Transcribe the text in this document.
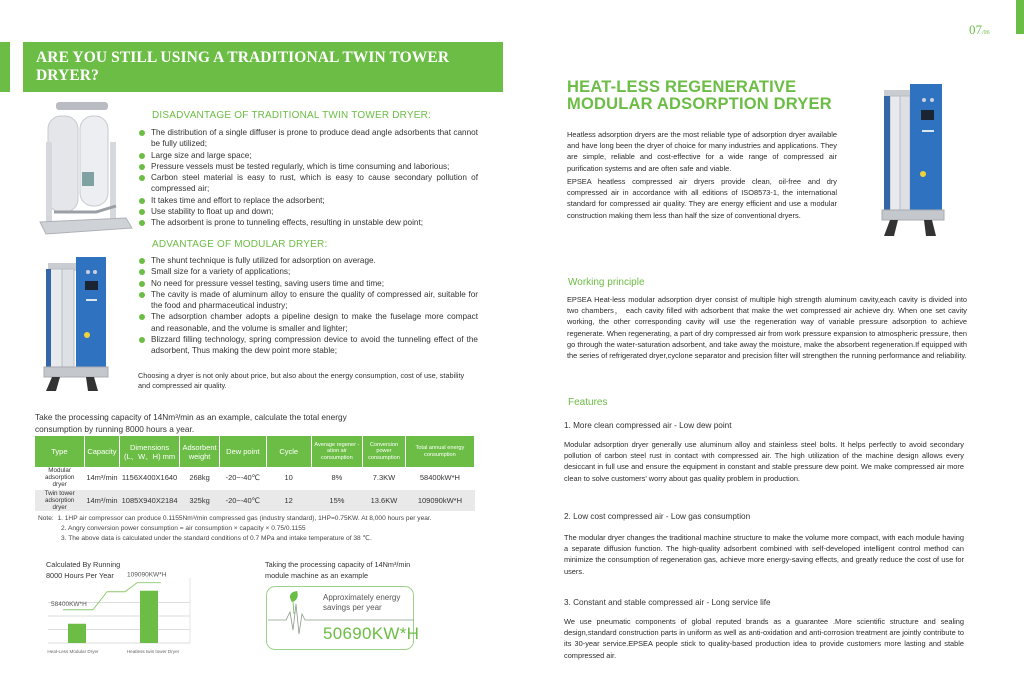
ARE YOU STILL USING A TRADITIONAL TWIN TOWER DRYER?
DISADVANTAGE OF TRADITIONAL TWIN TOWER DRYER:
The distribution of a single diffuser is prone to produce dead angle adsorbents that cannot be fully utilized;
Large size and large space;
Pressure vessels must be tested regularly, which is time consuming and laborious;
Carbon steel material is easy to rust, which is easy to cause secondary pollution of compressed air;
It takes time and effort to replace the adsorbent;
Use stability to float up and down;
The adsorbent is prone to tunneling effects, resulting in unstable dew point;
ADVANTAGE OF MODULAR DRYER:
The shunt technique is fully utilized for adsorption on average.
Small size for a variety of applications;
No need for pressure vessel testing, saving users time and time;
The cavity is made of aluminum alloy to ensure the quality of compressed air, suitable for the food and pharmaceutical industry;
The adsorption chamber adopts a pipeline design to make the fuselage more compact and reasonable, and the volume is smaller and lighter;
Blizzard filling technology, spring compression device to avoid the tunneling effect of the adsorbent, Thus making the dew point more stable;
Choosing a dryer is not only about price, but also about the energy consumption, cost of use, stability and compressed air quality.
Take the processing capacity of 14Nm³/min as an example, calculate the total energy consumption by running 8000 hours a year.
Type	Capacity	Dimensions (L、W、H) mm	Adsorbent weight	Dew point	Cycle	Average regener -ation air consumption	Conversion power consumption	Total annual energy consumption
Modular adsorption dryer	14m³/min	1156X400X1640	268kg	-20~-40℃	10	8%	7.3KW	58400kW*H
Twin tower adsorption dryer	14m³/min	1085X940X2184	325kg	-20~-40℃	12	15%	13.6KW	109090kW*H
Note: 1. 1HP air compressor can produce 0.1155Nm³/min compressed gas (industry standard), 1HP=0.75KW. At 8,000 hours per year.
2. Angry conversion power consumption = air consumption × capacity × 0.75/0.1155
3. The above data is calculated under the standard conditions of 0.7 MPa and intake temperature of 38 ℃.
Calculated By Running 8000 Hours Per Year
58400KW*H
109090KW*H
Heat-Less Modular Dryer	Heatless twin tower Dryer
Taking the processing capacity of 14Nm³/min module machine as an example
Approximately energy savings per year
50690KW*H
07/06
HEAT-LESS REGENERATIVE
MODULAR ADSORPTION DRYER
Heatless adsorption dryers are the most reliable type of adsorption dryer available and have long been the dryer of choice for many industries and applications. They are simple, reliable and cost-effective for a wide range of compressed air purification systems and are often safe and viable.
EPSEA heatless compressed air dryers provide clean, oil-free and dry compressed air in accordance with all editions of ISO8573-1, the international standard for compressed air quality. They are energy efficient and use a modular construction making them less than half the size of conventional dryers.
Working principle
EPSEA Heat-less modular adsorption dryer consist of multiple high strength aluminum cavity,each cavity is divided into two chambers， each cavity filled with adsorbent that make the wet compressed air achieve dry. When one set cavity working, the other corresponding cavity will use the regeneration way of variable pressure adsorption to achieve regenerate. When regenerating, a part of dry compressed air from work pressure expansion to atmospheric pressure, then go through the water-saturation adsorbent, and take away the moisture, make the absorbent regeneration.If equipped with the series of refrigerated dryer,cyclone separator and precision filter will strengthen the running performance and reliability.
Features
1. More clean compressed air - Low dew point
Modular adsorption dryer generally use aluminum alloy and stainless steel bolts. It helps perfectly to avoid secondary pollution of carbon steel rust in contact with compressed air. The high utilization of the machine design allows every desiccant in full use and ensure the equipment in constant and stable pressure dew point. We make compressed air more clean to solve customers' worry about gas quality problem in production.
2. Low cost compressed air - Low gas consumption
The modular dryer changes the traditional machine structure to make the volume more compact, with each module having a separate diffusion function. The high-quality adsorbent combined with self-developed intelligent control method can minimize the consumption of regeneration gas, achieve more energy-saving effects, and greatly reduce the cost of use for users.
3. Constant and stable compressed air - Long service life
We use pneumatic components of global reputed brands as a guarantee .More scientific structure and sealing design,standard construction parts in uniform as well as anti-oxidation and anti-corrosion treatment are jointly contribute to its 30-year service.EPSEA people stick to quality-based production idea to provide customers more lasting and stable compressed air.
